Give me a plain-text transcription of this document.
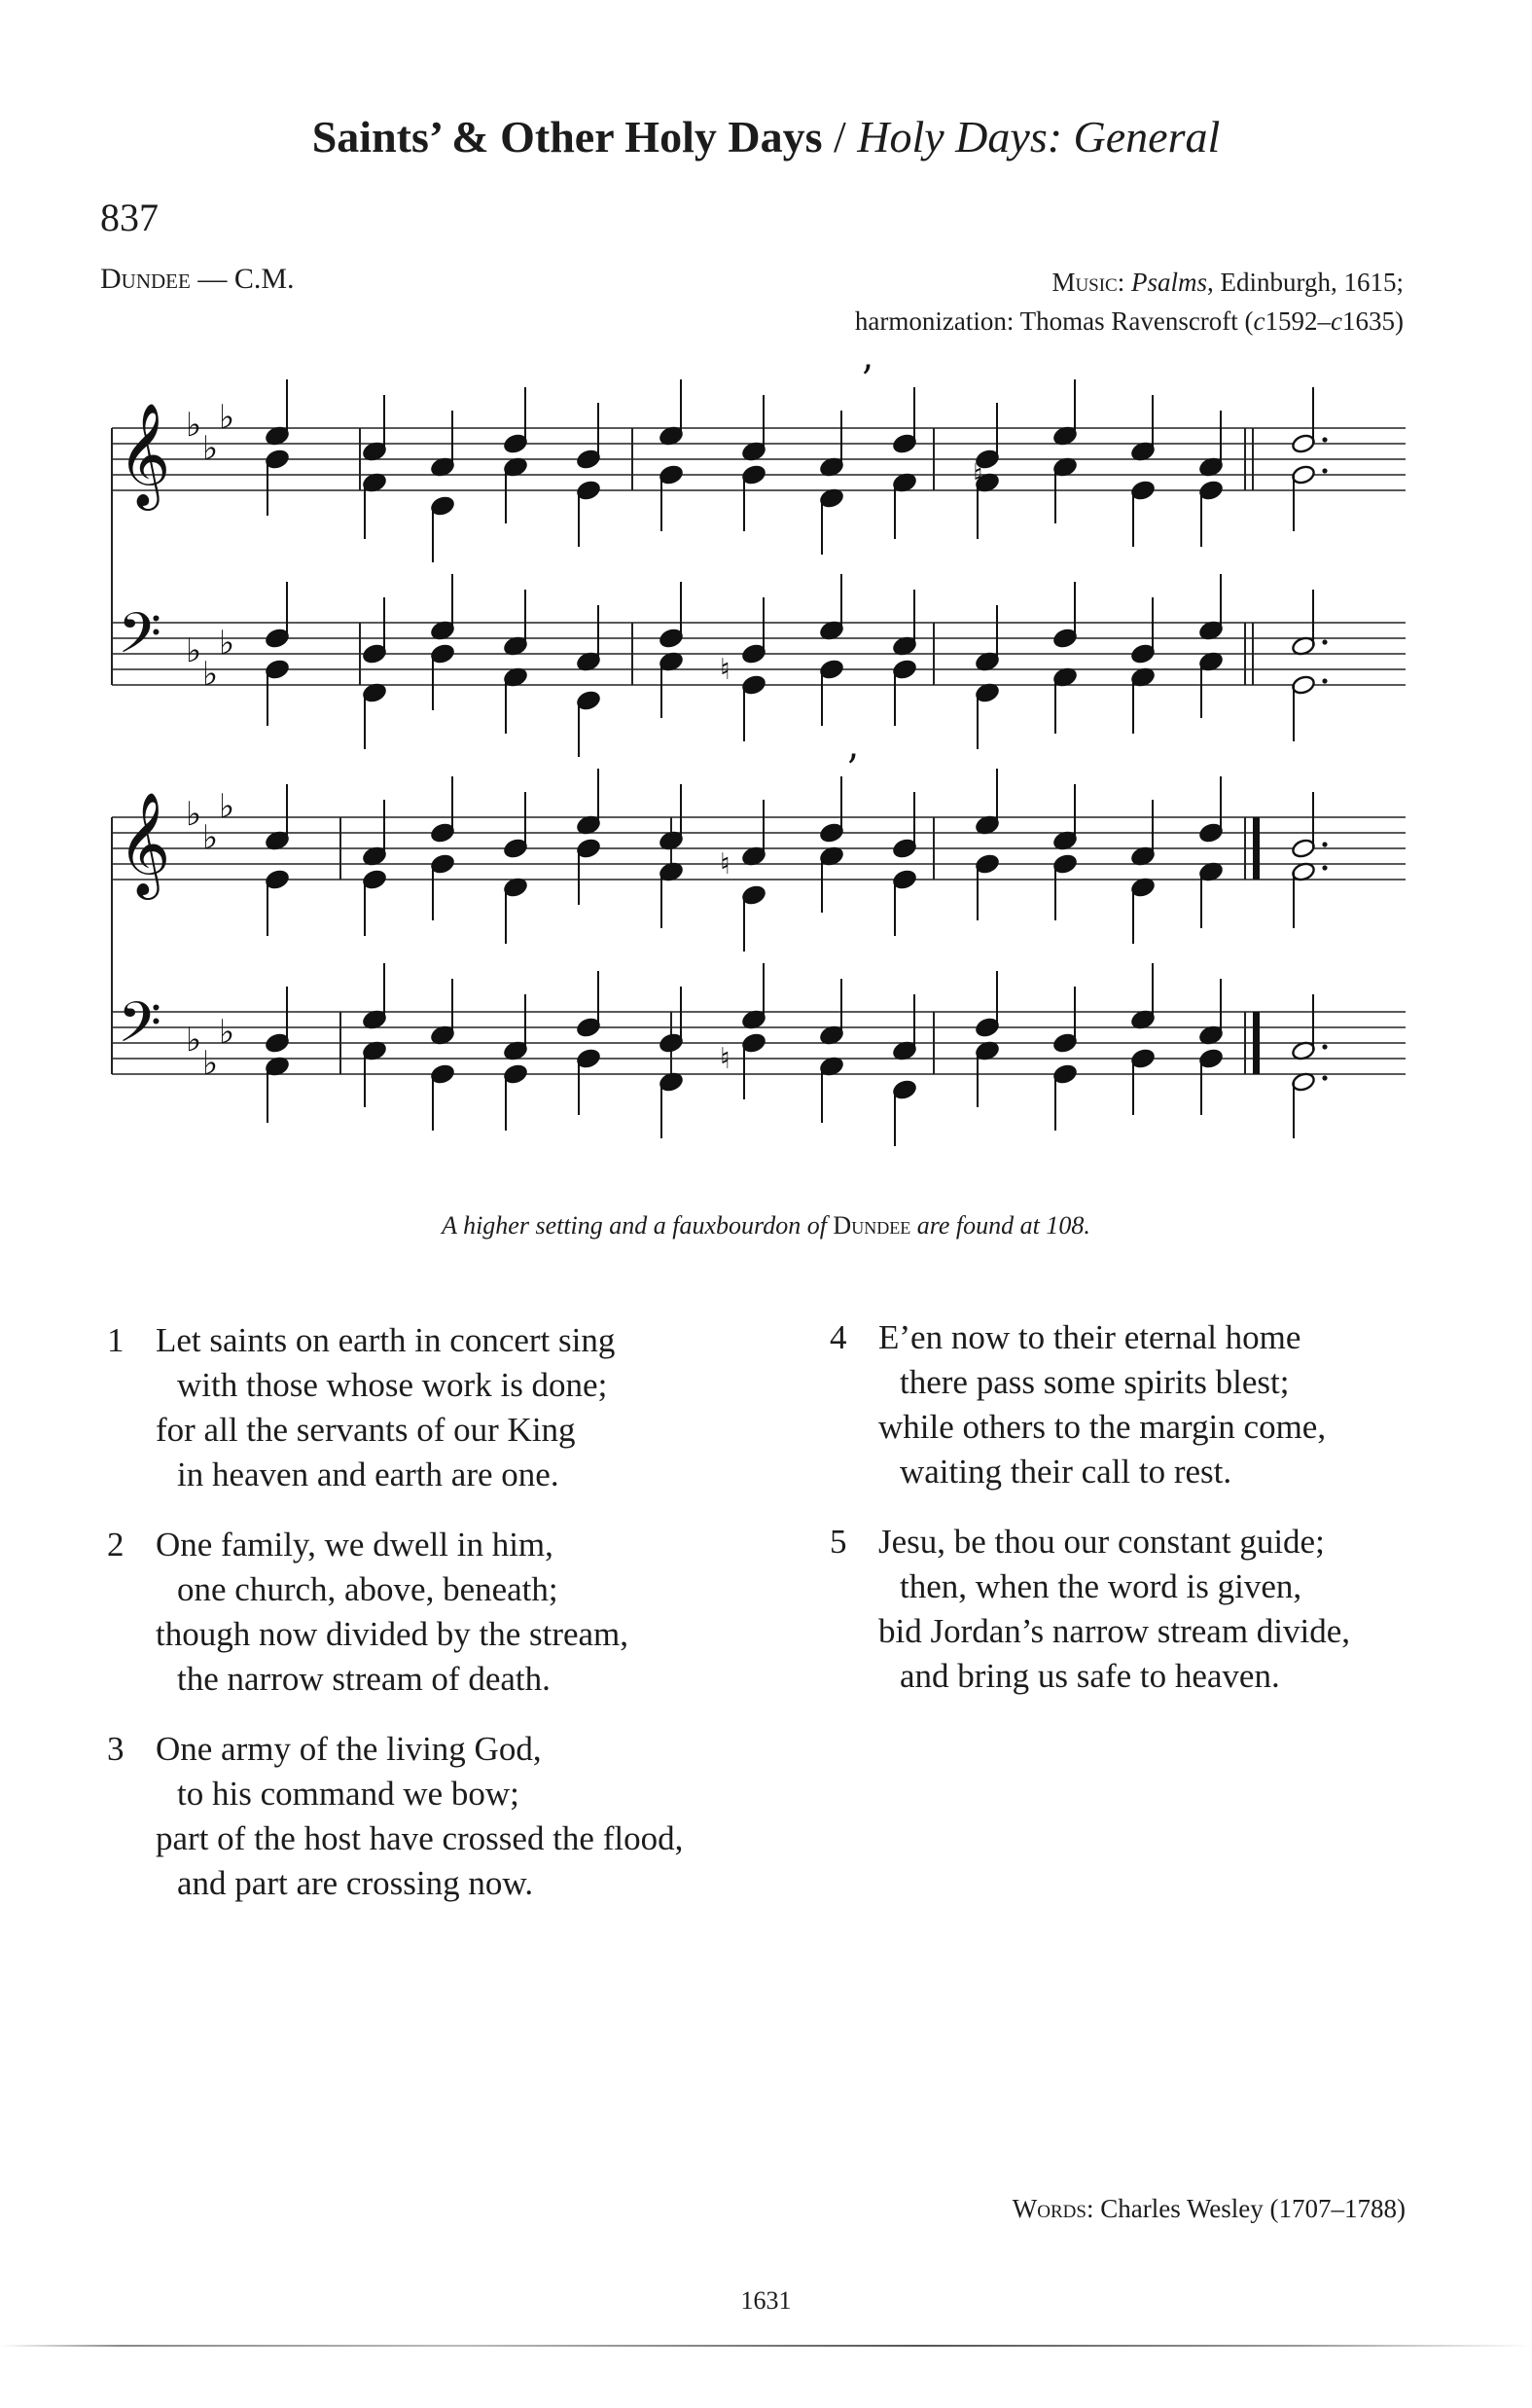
Saints’ & Other Holy Days / Holy Days: General
837
Dundee — C.M.	Music: Psalms, Edinburgh, 1615;
harmonization: Thomas Ravenscroft (c1592–c1635)
𝄞 ♭
♭
♭
’
♮
𝄢 ♭
♭
♭
♮
𝄞 ♭
♭
♭
’
♮
𝄢 ♭
♭
♭
♮
A higher setting and a fauxbourdon of Dundee are found at 108.
1 Let saints on earth in concert sing
with those whose work is done;
for all the servants of our King
in heaven and earth are one.
2 One family, we dwell in him,
one church, above, beneath;
though now divided by the stream,
the narrow stream of death.
3 One army of the living God,
to his command we bow;
part of the host have crossed the flood,
and part are crossing now.
4 E’en now to their eternal home
there pass some spirits blest;
while others to the margin come,
waiting their call to rest.
5 Jesu, be thou our constant guide;
then, when the word is given,
bid Jordan’s narrow stream divide,
and bring us safe to heaven.
Words: Charles Wesley (1707–1788)
1631
